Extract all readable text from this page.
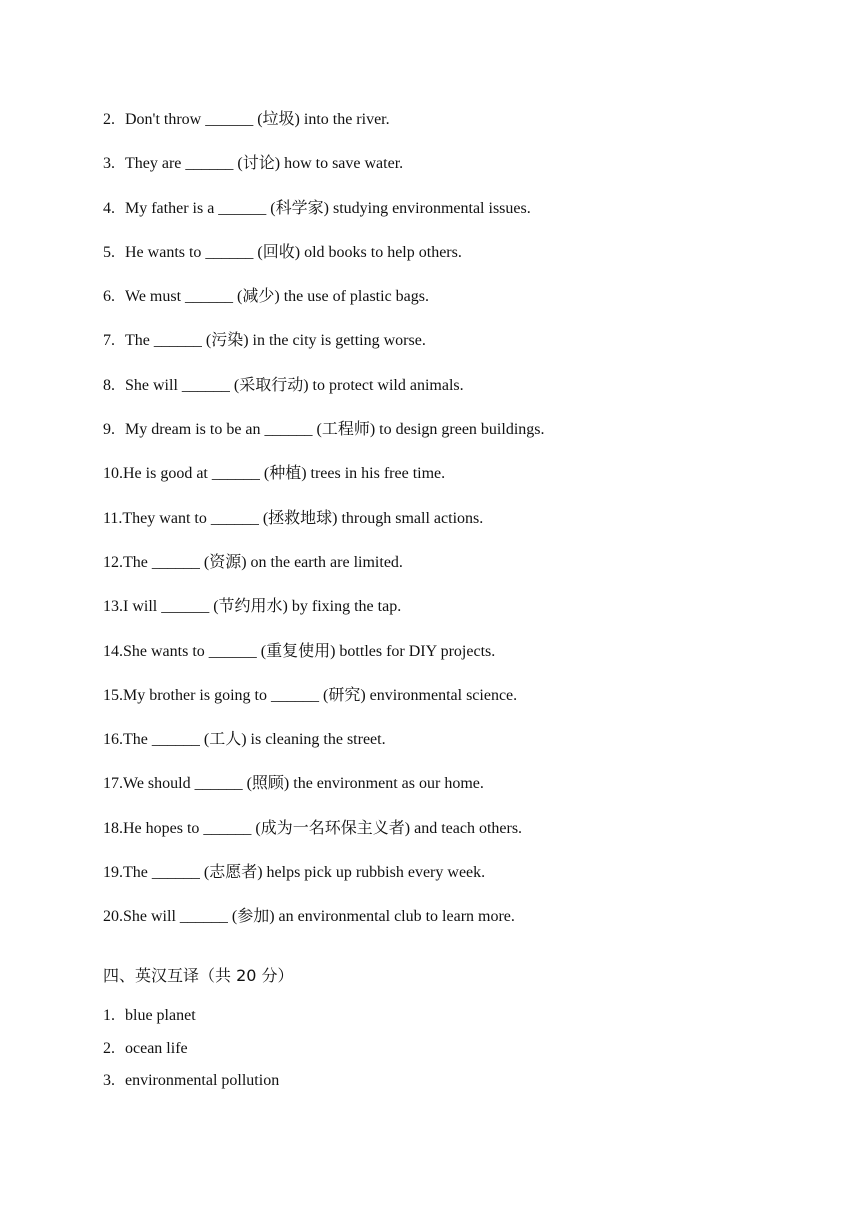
2. Don't throw ______ (垃圾) into the river.
3. They are ______ (讨论) how to save water.
4. My father is a ______ (科学家) studying environmental issues.
5. He wants to ______ (回收) old books to help others.
6. We must ______ (减少) the use of plastic bags.
7. The ______ (污染) in the city is getting worse.
8. She will ______ (采取行动) to protect wild animals.
9. My dream is to be an ______ (工程师) to design green buildings.
10. He is good at ______ (种植) trees in his free time.
11. They want to ______ (拯救地球) through small actions.
12. The ______ (资源) on the earth are limited.
13. I will ______ (节约用水) by fixing the tap.
14. She wants to ______ (重复使用) bottles for DIY projects.
15. My brother is going to ______ (研究) environmental science.
16. The ______ (工人) is cleaning the street.
17. We should ______ (照顾) the environment as our home.
18. He hopes to ______ (成为一名环保主义者) and teach others.
19. The ______ (志愿者) helps pick up rubbish every week.
20. She will ______ (参加) an environmental club to learn more.
四、英汉互译（共 20 分）
1. blue planet
2. ocean life
3. environmental pollution
